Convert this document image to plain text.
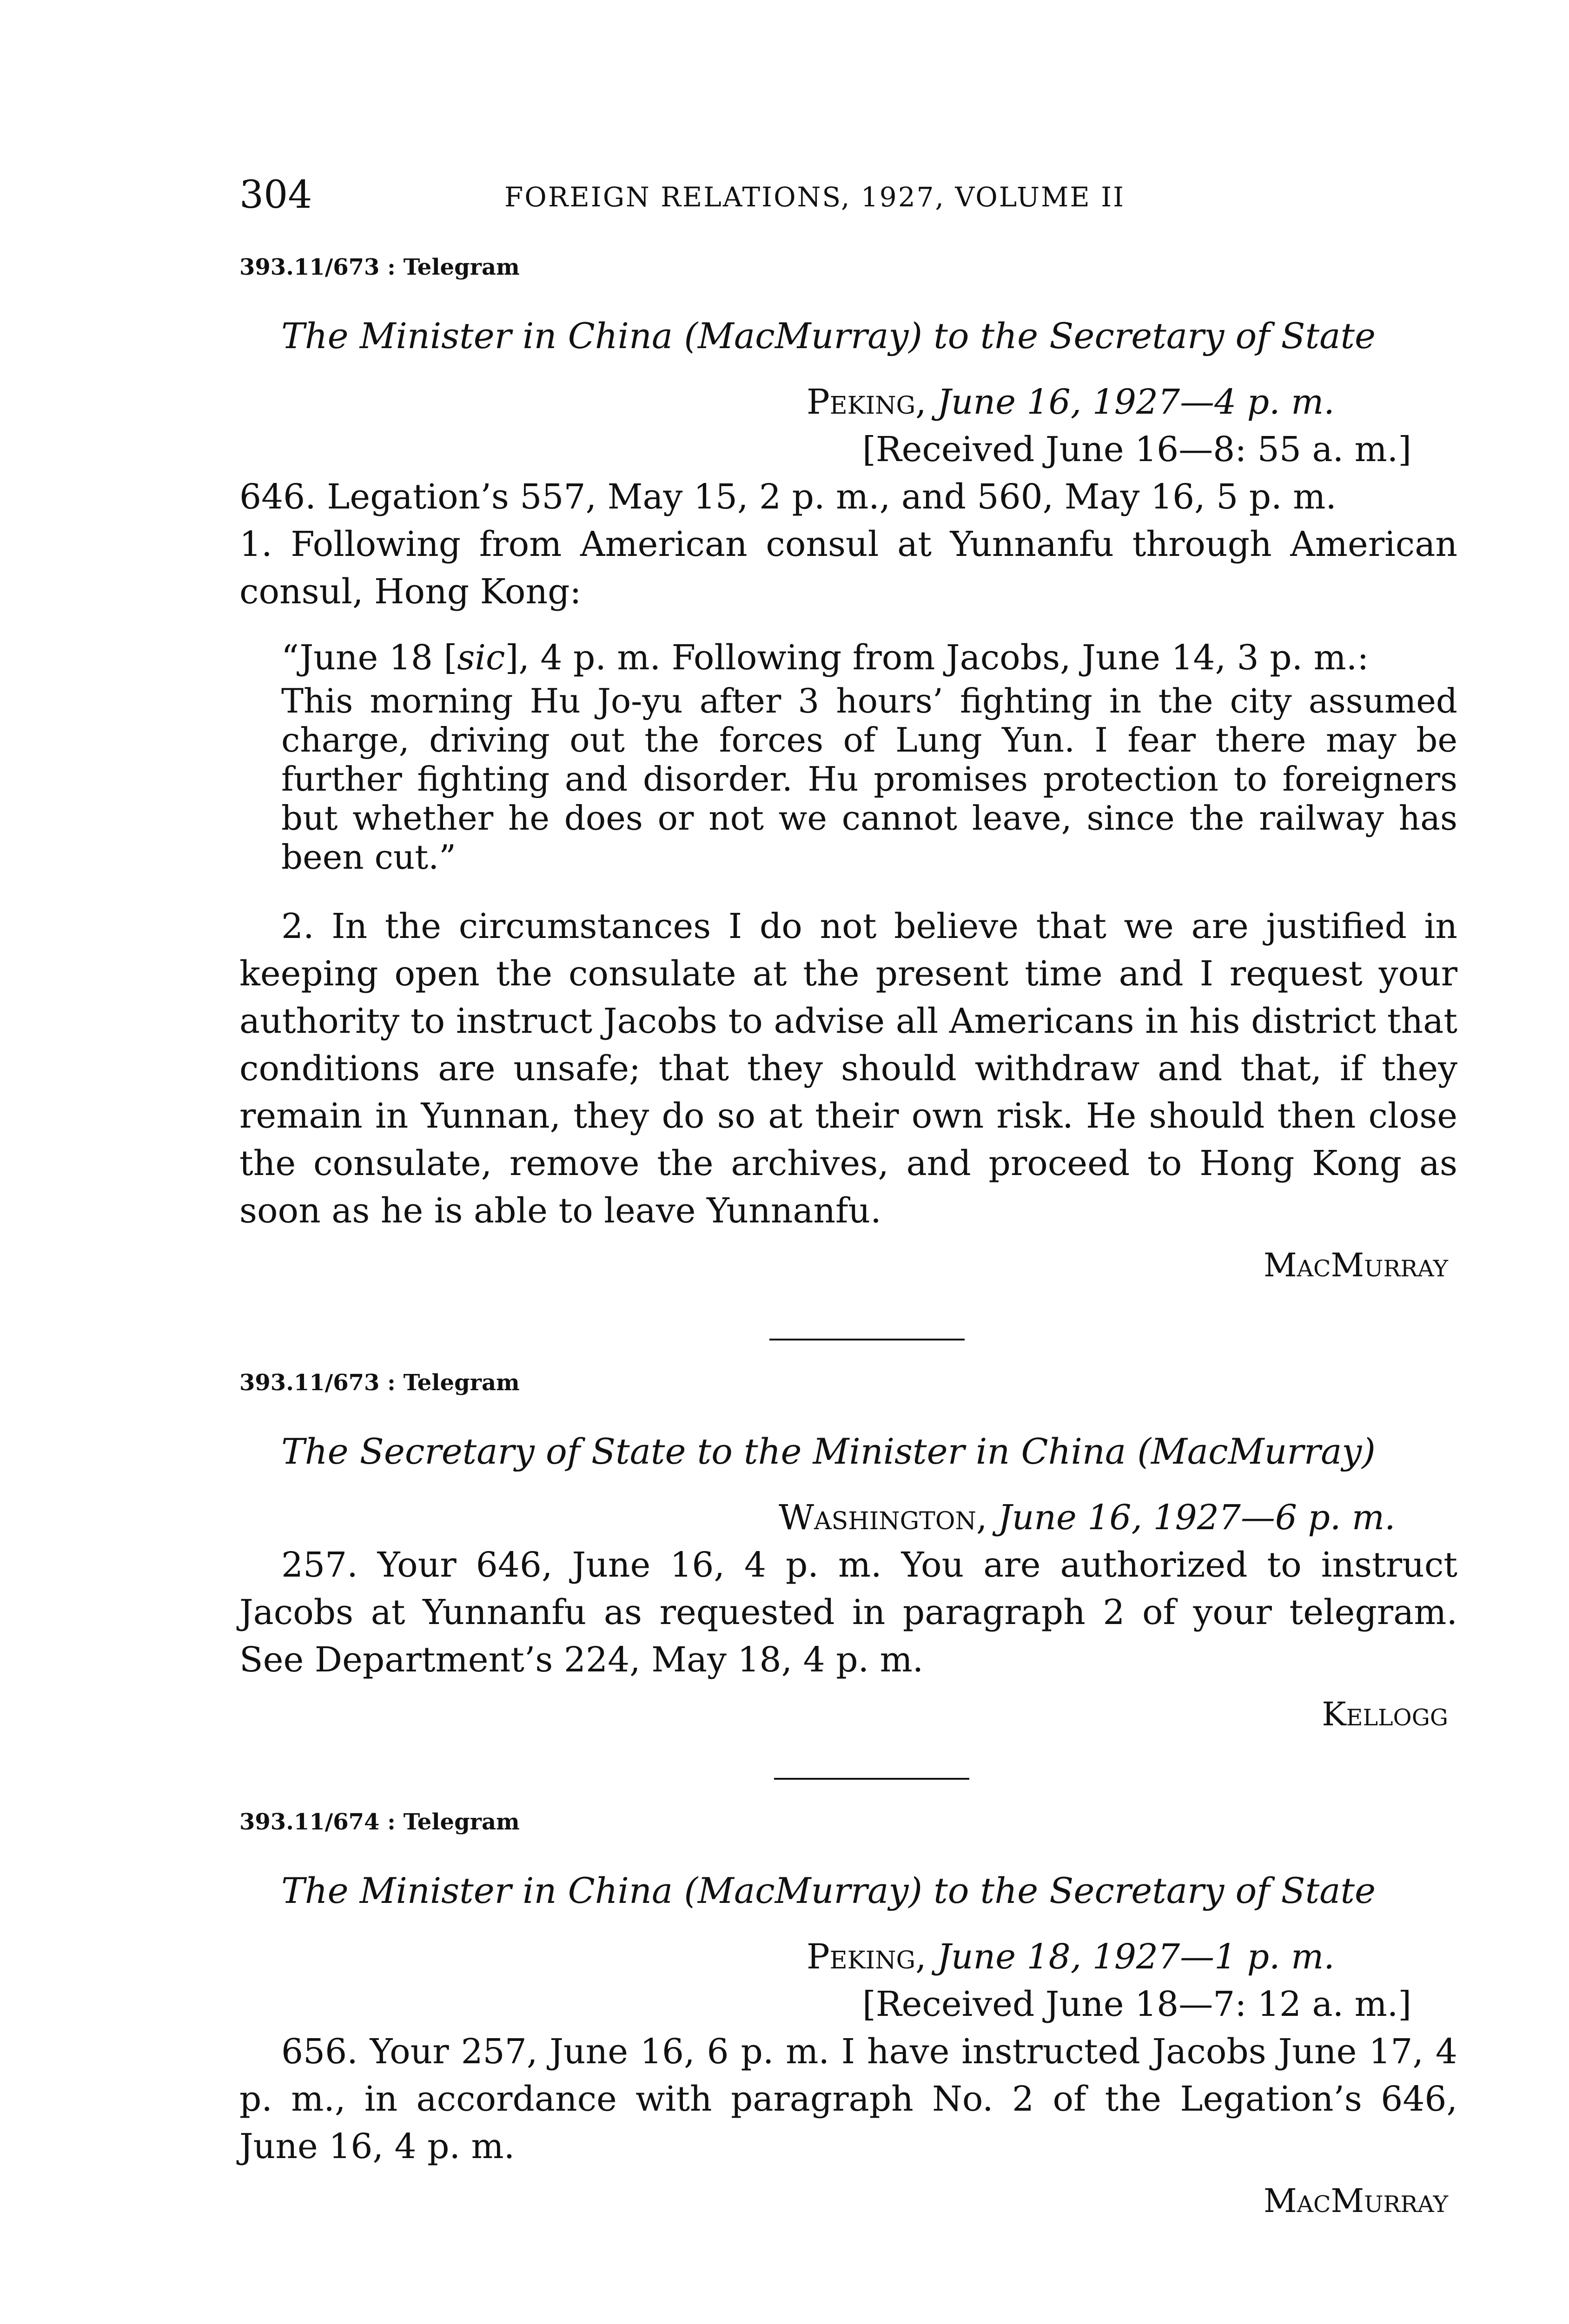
304	FOREIGN RELATIONS, 1927, VOLUME II

393.11/673 : Telegram

The Minister in China (MacMurray) to the Secretary of State
Peking, June 16, 1927—4 p. m.
[Received June 16—8: 55 a. m.]

646. Legation’s 557, May 15, 2 p. m., and 560, May 16, 5 p. m.

1. Following from American consul at Yunnanfu through American consul, Hong Kong:

“June 18 [sic], 4 p. m. Following from Jacobs, June 14, 3 p. m.:
This morning Hu Jo-yu after 3 hours’ fighting in the city assumed charge, driving out the forces of Lung Yun. I fear there may be further fighting and disorder. Hu promises protection to foreigners but whether he does or not we cannot leave, since the railway has been cut.”

2. In the circumstances I do not believe that we are justified in keeping open the consulate at the present time and I request your authority to instruct Jacobs to advise all Americans in his district that conditions are unsafe; that they should withdraw and that, if they remain in Yunnan, they do so at their own risk. He should then close the consulate, remove the archives, and proceed to Hong Kong as soon as he is able to leave Yunnanfu.

MacMurray

393.11/673 : Telegram

The Secretary of State to the Minister in China (MacMurray)
Washington, June 16, 1927—6 p. m.

257. Your 646, June 16, 4 p. m. You are authorized to instruct Jacobs at Yunnanfu as requested in paragraph 2 of your telegram. See Department’s 224, May 18, 4 p. m.

Kellogg

393.11/674 : Telegram

The Minister in China (MacMurray) to the Secretary of State
Peking, June 18, 1927—1 p. m.
[Received June 18—7: 12 a. m.]

656. Your 257, June 16, 6 p. m. I have instructed Jacobs June 17, 4 p. m., in accordance with paragraph No. 2 of the Legation’s 646, June 16, 4 p. m.

MacMurray
